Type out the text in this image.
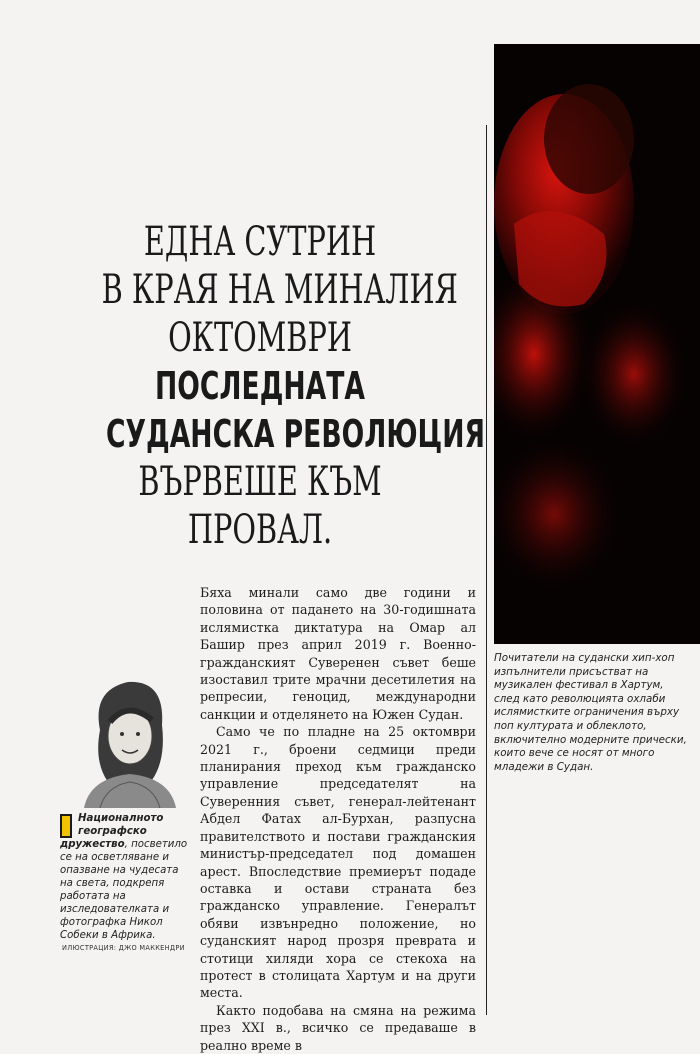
ЕДНА СУТРИН
В КРАЯ НА МИНАЛИЯ
ОКТОМВРИ
ПОСЛЕДНАТА
СУДАНСКА РЕВОЛЮЦИЯ
ВЪРВЕШЕ КЪМ
ПРОВАЛ.
Почитатели на судански хип-хоп изпълнители присъстват на музикален фестивал в Хартум, след като революцията охлаби ислямистките ограничения върху поп културата и облеклото, включително модерните прически, които вече се носят от много младежи в Судан.
Националното географско дружество, посветило се на осветляване и опазване на чудесата на света, подкрепя работата на изследователката и фотографка Никол Собеки в Африка.
ИЛЮСТРАЦИЯ: ДЖО МАККЕНДРИ

Бяха минали само две години и половина от падането на 30-годишната ислямистка диктатура на Омар ал Башир през април 2019 г. Военно-гражданският Суверенен съвет беше изоставил трите мрачни десетилетия на репресии, геноцид, международни санкции и отделянето на Южен Судан.

Само че по пладне на 25 октомври 2021 г., броени седмици преди планирания преход към гражданско управление председателят на Суверенния съвет, генерал-лейтенант Абдел Фатах ал-Бурхан, разпусна правителството и постави гражданския министър-председател под домашен арест. Впоследствие премиерът подаде оставка и остави страната без гражданско управление. Генералът обяви извънредно положение, но суданският народ прозря превратa и стотици хиляди хора се стекоха на протест в столицата Хартум и на други места.

Както подобава на смяна на режима през XXI в., всичко се предаваше в реално време в
